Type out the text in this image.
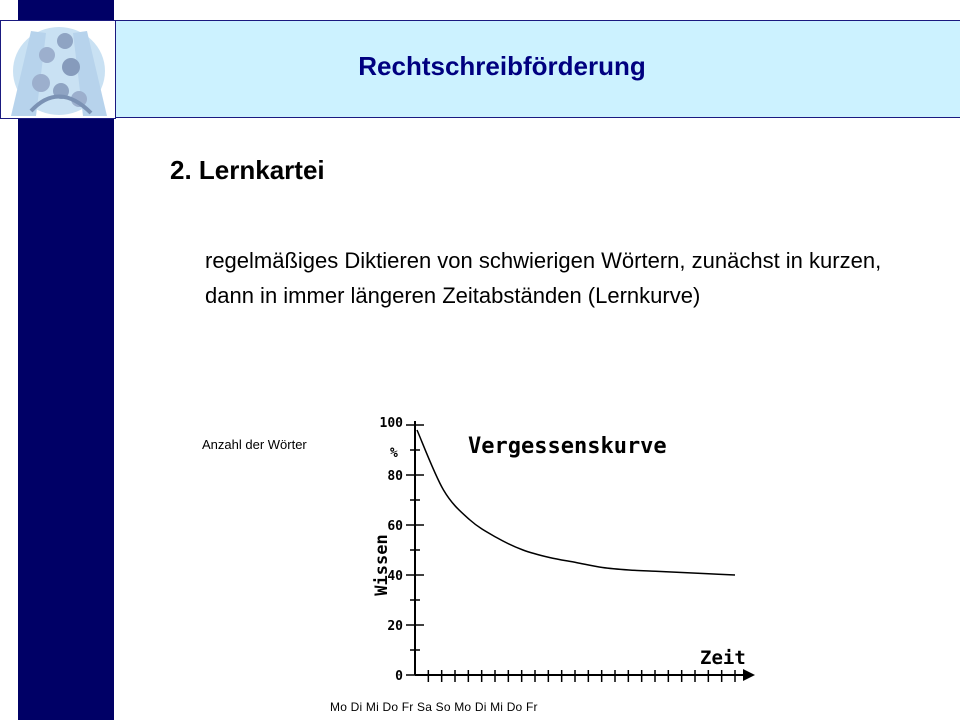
Rechtschreibförderung
2. Lernkartei
regelmäßiges Diktieren von schwierigen Wörtern, zunächst in kurzen, dann in immer längeren Zeitabständen (Lernkurve)
Anzahl der Wörter
100
80
60
40
20
0
Vergessenskurve
%
Wissen
Zeit
Mo Di Mi Do Fr Sa So Mo Di Mi Do Fr
